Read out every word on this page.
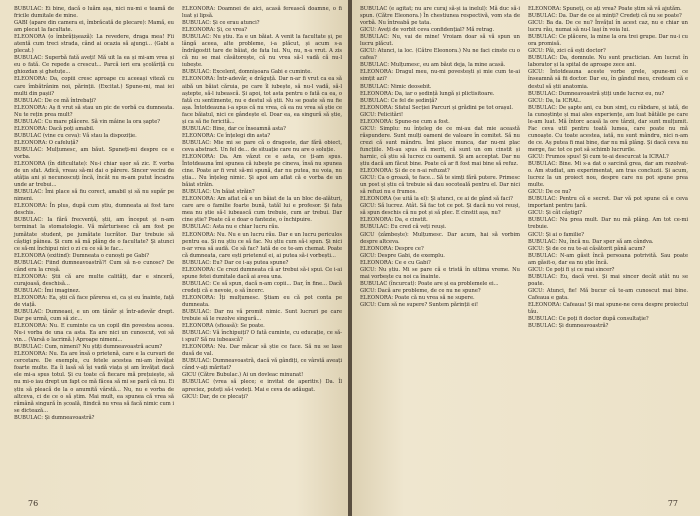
BUBULAC: Ei bine, dacă o luăm așa, nici nu-mi e teamă de fricile dumitale de mine.

GABI (apare din camera ei, îmbrăcată de plecare): Mamă, eu am plecat la facultate.

ELEONORA (o îmbrățișează): La revedere, draga mea! Fii atentă cum treci strada, când ai ocazia să ajungi... (Gabi a plecat.)

BUBULAC: Superbă fată aveți! Mă uit la ea și mi-am vrea și eu o fată. Ce repede a crescut... Parcă ieri era școlăriță cu ghiozdan și ghetuțe...

ELEONORA: Da, copiii cresc aproape cu aceeași viteză cu care îmbătrânim noi, părinții. (Excitat.) Spune-mi, mai iei multi din pașii?

BUBULAC: De ce mă întrebați?

ELEONORA: Aș fi vrut să stau un pic de vorbă cu dumneata. Nu te rețin prea mult?

BUBULAC: Cu mare plăcere. Să vin mâine la ora șapte?

ELEONORA: Dacă poți amabil.

BUBULAC (vine cu ceva): Vă stau la dispoziție.

ELEONORA: O cafeluță?

BUBULAC: Mulțumesc, am băut. Spuneți-mi despre ce e vorba.

ELEONORA (în dificultate): Nu-i chiar ușor să zic. E vorba de un sfat. Adică, vreau să-mi dai o părere. Sincer vecini de atâția ani și necunoscuți încă, încât nu m-am putut încadra unde ar trebui...

BUBULAC: Îmi place să fiu corect, amabil și să nu supăr pe nimeni.

ELEONORA: În plus, după cum știu, dumneata ai fost tare deschis.

BUBULAC: Ia fără frecvență, știi, am început și n-am terminat la stomatologie. Vă mărturisesc că am fost pe jumătate student, pe jumătate lucrător. Dar trebuie să câștigi pâinea. Și cum să mă plâng de o facultate? Și atunci ce să-mi închipui nici o zi cu ce să le fac...

ELEONORA (exitind): Dumneata o cunoști pe Gabi?

BUBULAC: Fiind dumneavoastră?! Cum să n-o cunosc? De când era la creșă.

ELEONORA: Știi că are multe calități, dar e sinceră, curajoasă, deschisă...

BUBULAC: Îmi imaginez.

ELEONORA: Ea, știi că face părerea ei, ca și eu înainte, față de viață.

BUBULAC: Dumneaei, e un om tânăr și într-adevăr drept. Dar pe urmă, cum să zic...

ELEONORA: Nu. E cuminte ca un copil din povestea aceea. Nu-i vorba de una ca asta. Ea are nici un cunoscut, voi să vin... (Varsă o lacrimă.) Aproape nimeni...

BUBULAC: Cum, nimeni? Nu știți dumneavoastră acum?

ELEONORA: Nu. Ea are însă o prietenă, care e la cursuri de cercetare. De exemplu, cu fetele acestea mi-am învățat foarte multe. Ea îi lasă să își vadă viața și am învățat dacă ele mi-a spus totul. Și cu toate că fiecare mă prețuiește, să nu mi-o iau drept un fapt ce mă făcea să mi se pară că nu. Ei știu să pleacă de la o anumită vârstă... Nu, nu e vorba de altceva, ci de ce o să știm. Mai mult, ea spunea că vrea să rămână singură în școală, fiindcă nu vrea să facă nimic cum i se dictează...

BUBULAC: Și dumneavoastră?

ELEONORA: Doamnei de aici, acasă ferească doamne, o fi luat și lipsă.

BUBULAC: Și ce erau atunci?

ELEONORA: Și, ce vrea?

BUBULAC: Nu știu. Ea e un băiat. A venit la facultate și, pe lângă aceea, alte probleme, i-a plăcut, și acum s-a îndrăgostit tare de băiat, de fata lui. Nu, nu, n-a vrut. A zis că nu se mai căsătorește, că nu vrea să-l vadă că nu-l iubește.

BUBULAC: Excelent, domnișoara Gabi e cuminte.

ELEONORA: Într-adevăr, e drăguță. Dar n-ar fi vrut ca ea să aibă un băiat căruia, pe care îl iubește, să nu-l vadă, să-l aștepte, să-l iubească. Și apoi, tot asta pentru o fată ca ea, o fată cu sentimente, nu e destul să știi. Nu se poate să nu fie așa. Întotdeauna i-a spus că nu vrea, că ea nu vrea să știe ce face băiatul, nici ce gândește el. Doar ea, ea singură să știe, și ca să fie fericită...

BUBULAC: Bine, dar ce înseamnă asta?

ELEONORA: Ce înțelegi din asta?

BUBULAC: Mie mi se pare că o dragoste, dar fără obiect, ceva abstract. Un fel de... de situație care nu are o soluție.

ELEONORA: Da. Am văzut ce e asta, ce ți-am spus. Întotdeauna îmi spunea că iubește pe cineva, însă nu spunea cine. Poate ar fi vrut să-mi spună, dar nu putea, nu voia, nu știa... Nu înțeleg nimic. Și apoi am aflat că e vorba de un băiat străin.

BUBULAC: Un băiat străin?

ELEONORA: Am aflat că e un băiat de la un bloc de-alături, care are o familie foarte bună, tatăl lui e profesor. Și fata mea nu știe să-l iubească cum trebuie, cum ar trebui. Dar cine știe? Poate că e doar o fantezie, o închipuire.

BUBULAC: Asta nu e chiar lucru rău.

ELEONORA: Nu. Nu e un lucru rău. Dar e un lucru periculos pentru ea. Și nu știu ce să fac. Nu știu cum să-i spun. Și nici n-ar vrea să audă. Ce să fac? Iată de ce te-am chemat. Poate că dumneata, care ești prietenul ei, ai putea să-i vorbești...

BUBULAC: Eu? Dar ce i-aș putea spune?

ELEONORA: Ce crezi dumneata că ar trebui să-i spui. Ce i-ai spune fetei dumitale dacă ai avea una.

BUBULAC: Ce să spun, dacă n-am copii... Dar, în fine... Dacă credeți că e nevoie, o să încerc.

ELEONORA: Îți mulțumesc. Știam eu că pot conta pe dumneata.

BUBULAC: Dar nu vă promit nimic. Sunt lucruri pe care trebuie să le rezolve singură...

ELEONORA (sfioasă): Se poate.

BUBULAC: Vă închipuiți? O fată cuminte, cu educație, ce să-i spui? Să nu iubească?

ELEONORA: Nu. Dar măcar să știe ce face. Să nu se lase dusă de val.

BUBULAC: Dumneavoastră, dacă vă gândiți, ce vârstă aveați când v-ați măritat?

GICU (Către Bubulac.) Ai un dovleac minunat!

BUBULAC (vrea să plece; e invitat de aperitiv.) Da. Îl apreciez, puteți să-i vedeți. Mai e ceva de adăugat.

GICU: Dar, de ce plecați?

76

BUBULAC (e agitat; nu are curaj să-și ia inelul): Mă duc să-i spun. (Către Eleonora.) În chestiunea respectivă, vom sta de vorbă. Nu întreabă pe tata.

GICU: Aveți de vorbit ceva confidențial? Mă retrag.

BUBULAC: Nu, vai de mine! Vroiam doar să vă spun un lucru plăcut.

GICU: Atunci, ia loc. (Către Eleonora.) Nu ne faci cinste cu o cafea?

BUBULAC: Mulțumesc, eu am băut deja, la mine acasă.

ELEONORA: Dragul meu, nu-mi povestești și mie cum te-ai simțit azi?

BUBULAC: Nimic deosebit.

ELEONORA: Da, iar o ședință lungă și plictisitoare.

BUBULAC: Ce fel de ședință?

ELEONORA: Sfatul Secției Parcuri și grădini pe tot orașul.

GICU: Felicitări!

ELEONORA: Spune-ne cum a fost.

GICU: Simplu: nu înțeleg de ce mi-au dat mie această răspundere. Sunt mulți oameni de valoare în comitet. Să nu crezi că sunt mândru. Îmi place munca, dar nu-mi plac funcțiile. Mi-au spus că merit, că sunt un om cinstit și harnic, că știu să lucrez cu oamenii. Și am acceptat. Dar nu știu dacă am făcut bine. Poate că ar fi fost mai bine să refuz.

ELEONORA: Și de ce n-ai refuzat?

GICU: Ca o groază, te face... Să te simți fără putere. Primesc un post și știu că trebuie să dau socoteală pentru el. Dar nici să refuzi nu e frumos.

ELEONORA (se uită la el): Și atunci, ce ai de gând să faci?

GICU: Să lucrez. Atât. Să fac tot ce pot. Și dacă nu voi reuși, să spun deschis că nu pot și să plec. E cinstit așa, nu?

ELEONORA: Da, e cinstit.

BUBULAC: Eu cred că veți reuși.

GICU (zâmbește): Mulțumesc. Dar acum, hai să vorbim despre altceva.

ELEONORA: Despre ce?

GICU: Despre Gabi, de exemplu.

ELEONORA: Ce e cu Gabi?

GICU: Nu știu. Mi se pare că e tristă în ultima vreme. Nu mai vorbește cu noi ca înainte.

BUBULAC (încurcat): Poate are și ea problemele ei...

GICU: Dacă are probleme, de ce nu ne spune?

ELEONORA: Poate că nu vrea să ne supere.

GICU: Cum să ne supere? Suntem părinții ei!

ELEONORA: Spuneți, ce ați vrea? Poate știm să vă ajutăm.

BUBULAC: Da. Dar de ce ai minți? Credeți că nu se poate?

GICU: Ba da. De ce nu? Învățul în acest caz, nu e chiar un lucru rău, numai să nu-l lași în voia lui.

BUBULAC: Ce plăcere, la mine la ora trei grupe. Dar nu-i cu ora promisă.

GICU: Păi, zici că ești doctor?

BUBULAC: Da, domnule. Nu sunt practician. Am lucrat în laborator și la spital de aproape zece ani.

GICU: Întotdeauna aceste vorbe grele, spune-mi ce înseamnă să fii doctor. Dar eu, în gândul meu, credeam că e destul să știi anatomia.

BUBULAC: Dumneavoastră știți unde lucrez eu, nu?

GICU: Da, la ICRAL.

BUBULAC: De șapte ani, cu bun simț, cu răbdare, și iată, de la cunoștințe și mai ales experiențe, am luat bătăile pe care le-am luat. Mă întorc acasă la ore târzii, dar sunt mulțumit. Fac ceva util pentru toată lumea, care poate nu mă cunoaște. Cu toate acestea, iată, nu sunt mândru, nici n-am de ce. Aș putea fi mai bine, dar nu mă plâng. Și dacă ceva nu merge, fac tot ce pot să schimb lucrurile.

GICU: Frumos spus! Și cum te-ai descurcat la ICRAL?

BUBULAC: Bine. Mi s-a dat o sarcină grea, dar am rezolvat-o. Am studiat, am experimentat, am tras concluzii. Și acum, lucrez la un proiect nou, despre care nu pot spune prea multe.

GICU: De ce nu?

BUBULAC: Pentru că e secret. Dar vă pot spune că e ceva important pentru țară.

GICU: Și cât câștigi?

BUBULAC: Nu prea mult. Dar nu mă plâng. Am tot ce-mi trebuie.

GICU: Și ai o familie?

BUBULAC: Nu, încă nu. Dar sper să am cândva.

GICU: Și de ce nu te-ai căsătorit până acum?

BUBULAC: N-am găsit încă persoana potrivită. Sau poate am găsit-o, dar ea nu știe încă.

GICU: Ce poți fi și ce mai sincer?

BUBULAC: Eu, dacă vrei. Și mai sincer decât atât nu se poate.

GICU: Atunci, fie! Mă bucur că te-am cunoscut mai bine. Cafeaua e gata.

ELEONORA: Cafeaua! Și mai spune-ne ceva despre proiectul tău.

BUBULAC: Ce poți fi doctor după consultație?

BUBULAC: Și dumneavoastră?

77
